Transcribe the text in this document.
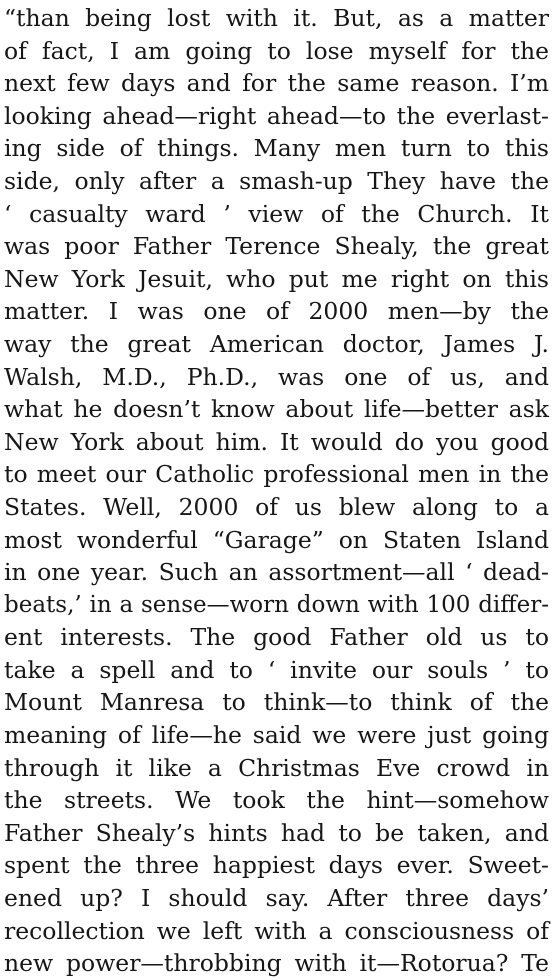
“than being lost with it. But, as a matter
of fact, I am going to lose myself for the
next few days and for the same reason. I’m
looking ahead—right ahead—to the everlast-
ing side of things. Many men turn to this
side, only after a smash-up They have the
‘ casualty ward ’ view of the Church. It
was poor Father Terence Shealy, the great
New York Jesuit, who put me right on this
matter. I was one of 2000 men—by the
way the great American doctor, James J.
Walsh, M.D., Ph.D., was one of us, and
what he doesn’t know about life—better ask
New York about him. It would do you good
to meet our Catholic professional men in the
States. Well, 2000 of us blew along to a
most wonderful “Garage” on Staten Island
in one year. Such an assortment—all ‘ dead-
beats,’ in a sense—worn down with 100 differ-
ent interests. The good Father old us to
take a spell and to ‘ invite our souls ’ to
Mount Manresa to think—to think of the
meaning of life—he said we were just going
through it like a Christmas Eve crowd in
the streets. We took the hint—somehow
Father Shealy’s hints had to be taken, and
spent the three happiest days ever. Sweet-
ened up? I should say. After three days’
recollection we left with a consciousness of
new power—throbbing with it—Rotorua? Te
